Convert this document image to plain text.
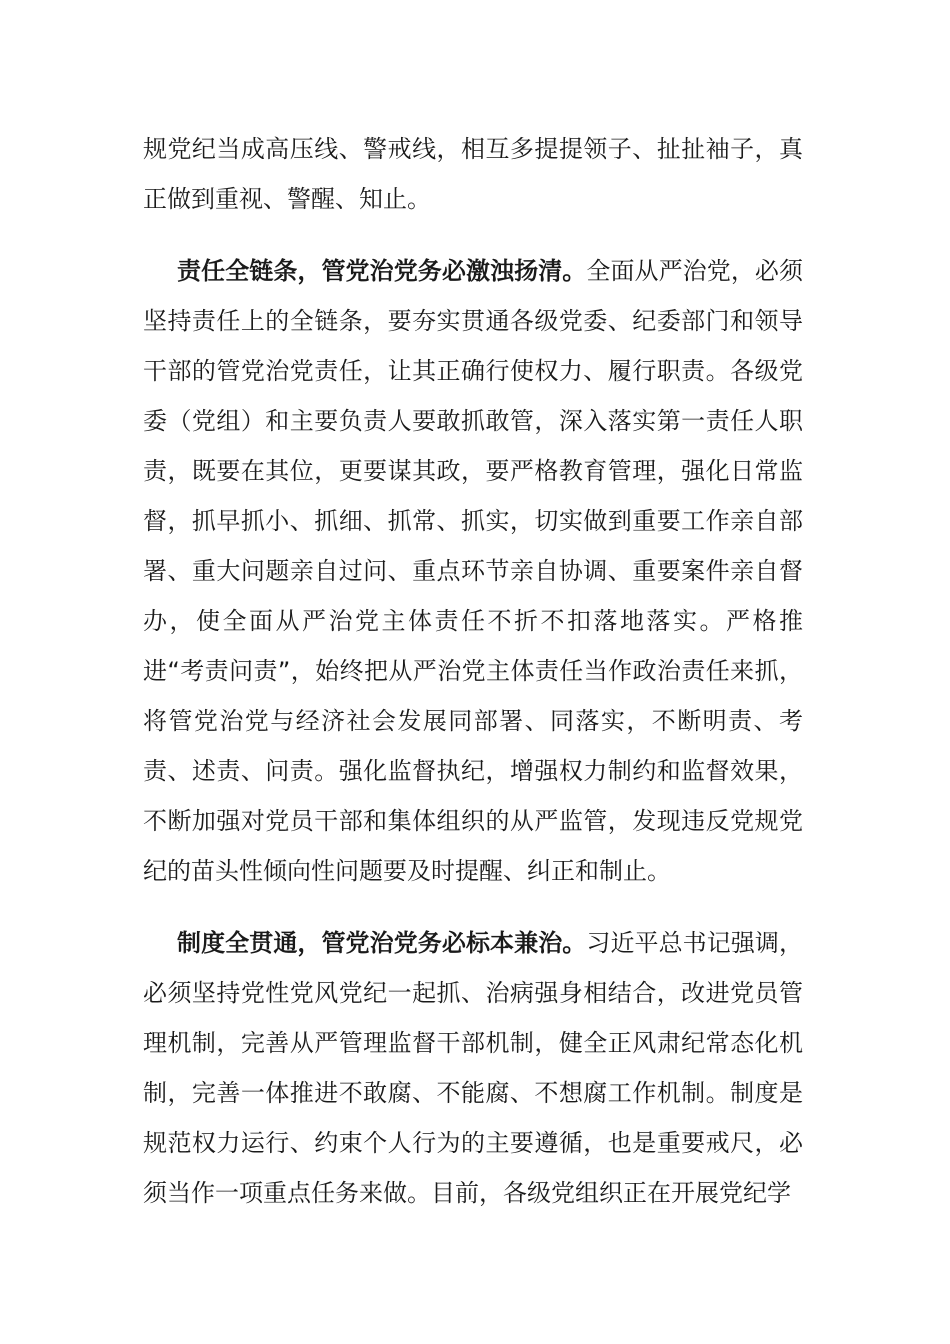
规党纪当成高压线、警戒线，相互多提提领子、扯扯袖子，真正做到重视、警醒、知止。

责任全链条，管党治党务必激浊扬清。全面从严治党，必须坚持责任上的全链条，要夯实贯通各级党委、纪委部门和领导干部的管党治党责任，让其正确行使权力、履行职责。各级党委（党组）和主要负责人要敢抓敢管，深入落实第一责任人职责，既要在其位，更要谋其政，要严格教育管理，强化日常监督，抓早抓小、抓细、抓常、抓实，切实做到重要工作亲自部署、重大问题亲自过问、重点环节亲自协调、重要案件亲自督办，使全面从严治党主体责任不折不扣落地落实。严格推进“考责问责”，始终把从严治党主体责任当作政治责任来抓，将管党治党与经济社会发展同部署、同落实，不断明责、考责、述责、问责。强化监督执纪，增强权力制约和监督效果，不断加强对党员干部和集体组织的从严监管，发现违反党规党纪的苗头性倾向性问题要及时提醒、纠正和制止。

制度全贯通，管党治党务必标本兼治。习近平总书记强调，必须坚持党性党风党纪一起抓、治病强身相结合，改进党员管理机制，完善从严管理监督干部机制，健全正风肃纪常态化机制，完善一体推进不敢腐、不能腐、不想腐工作机制。制度是规范权力运行、约束个人行为的主要遵循，也是重要戒尺，必须当作一项重点任务来做。目前，各级党组织正在开展党纪学
